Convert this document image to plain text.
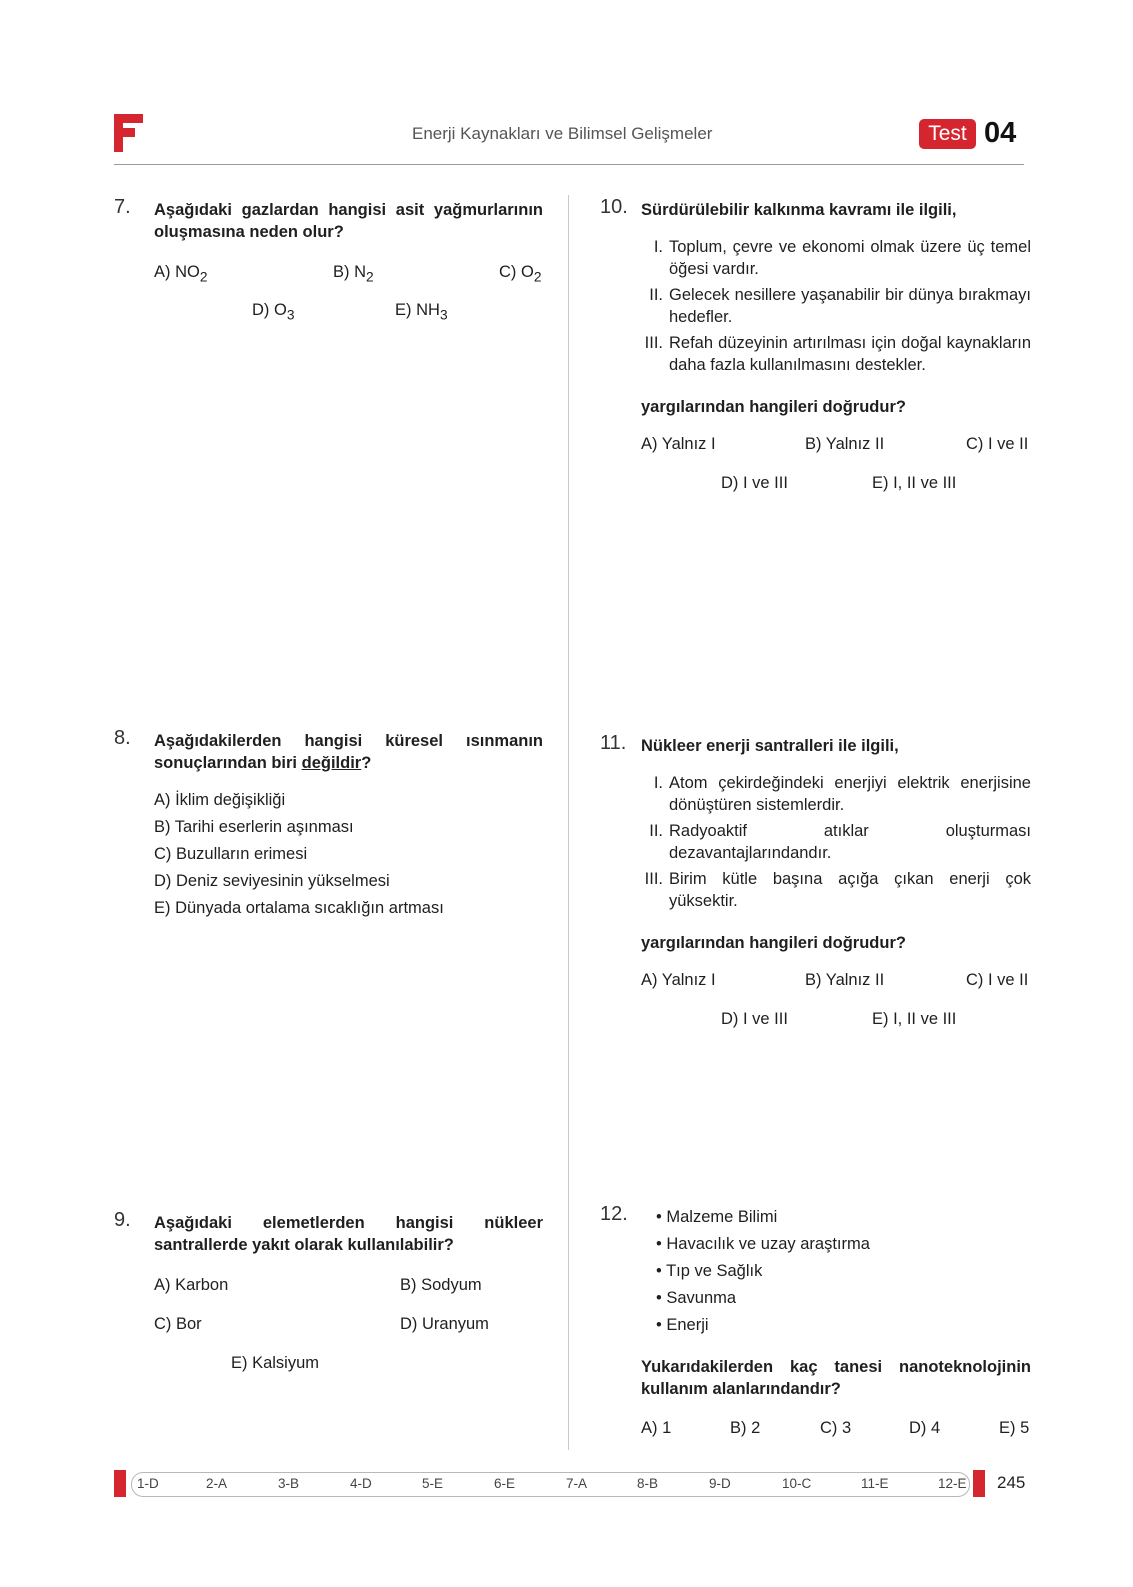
Enerji Kaynakları ve Bilimsel Gelişmeler	Test 04
7. Aşağıdaki gazlardan hangisi asit yağmurlarının oluşmasına neden olur?
A) $NO_2$	B) $N_2$	C) $O_2$
D) $O_3$	E) $NH_3$
8. Aşağıdakilerden hangisi küresel ısınmanın sonuçlarından biri değildir?
A) İklim değişikliği
B) Tarihi eserlerin aşınması
C) Buzulların erimesi
D) Deniz seviyesinin yükselmesi
E) Dünyada ortalama sıcaklığın artması
9. Aşağıdaki elemetlerden hangisi nükleer santrallerde yakıt olarak kullanılabilir?
A) Karbon	B) Sodyum
C) Bor	D) Uranyum
E) Kalsiyum
10. Sürdürülebilir kalkınma kavramı ile ilgili,
I. Toplum, çevre ve ekonomi olmak üzere üç temel öğesi vardır.
II. Gelecek nesillere yaşanabilir bir dünya bırakmayı hedefler.
III. Refah düzeyinin artırılması için doğal kaynakların daha fazla kullanılmasını destekler.
yargılarından hangileri doğrudur?
A) Yalnız I	B) Yalnız II	C) I ve II
D) I ve III	E) I, II ve III
11. Nükleer enerji santralleri ile ilgili,
I. Atom çekirdeğindeki enerjiyi elektrik enerjisine dönüştüren sistemlerdir.
II. Radyoaktif atıklar oluşturması dezavantajlarındandır.
III. Birim kütle başına açığa çıkan enerji çok yüksektir.
yargılarından hangileri doğrudur?
A) Yalnız I	B) Yalnız II	C) I ve II
D) I ve III	E) I, II ve III
12. • Malzeme Bilimi
• Havacılık ve uzay araştırma
• Tıp ve Sağlık
• Savunma
• Enerji
Yukarıdakilerden kaç tanesi nanoteknolojinin kullanım alanlarındandır?
A) 1	B) 2	C) 3	D) 4	E) 5
1-D	2-A	3-B	4-D	5-E	6-E	7-A	8-B	9-D	10-C	11-E	12-E 245
